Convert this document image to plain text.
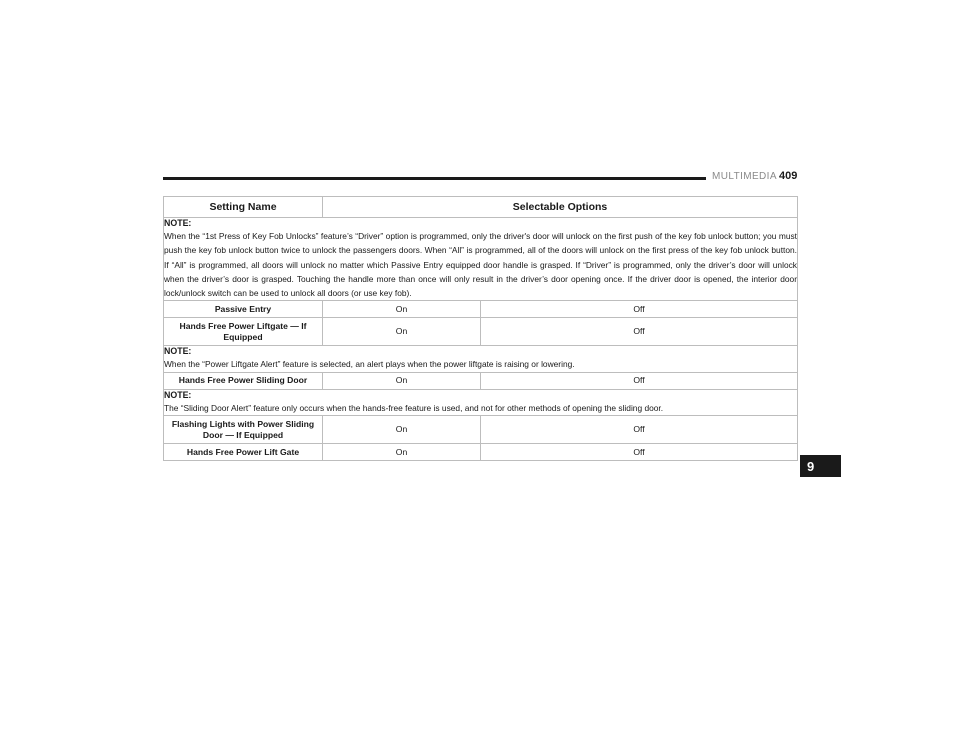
MULTIMEDIA 409
Setting Name	Selectable Options	

NOTE:
When the “1st Press of Key Fob Unlocks” feature’s “Driver” option is programmed, only the driver's door will unlock on the first push of the key fob unlock button; you must push the key fob unlock button twice to unlock the passengers doors. When “All” is programmed, all of the doors will unlock on the first press of the key fob unlock button. If “All” is programmed, all doors will unlock no matter which Passive Entry equipped door handle is grasped. If “Driver” is programmed, only the driver’s door will unlock when the driver’s door is grasped. Touching the handle more than once will only result in the driver’s door opening once. If the driver door is opened, the interior door lock/unlock switch can be used to unlock all doors (or use key fob).		

Passive Entry	On	Off
Hands Free Power Liftgate — If Equipped	On	Off

NOTE:
When the “Power Liftgate Alert” feature is selected, an alert plays when the power liftgate is raising or lowering.		

Hands Free Power Sliding Door	On	Off

NOTE:
The “Sliding Door Alert” feature only occurs when the hands-free feature is used, and not for other methods of opening the sliding door.		

Flashing Lights with Power Sliding Door — If Equipped	On	Off
Hands Free Power Lift Gate	On	Off
9
